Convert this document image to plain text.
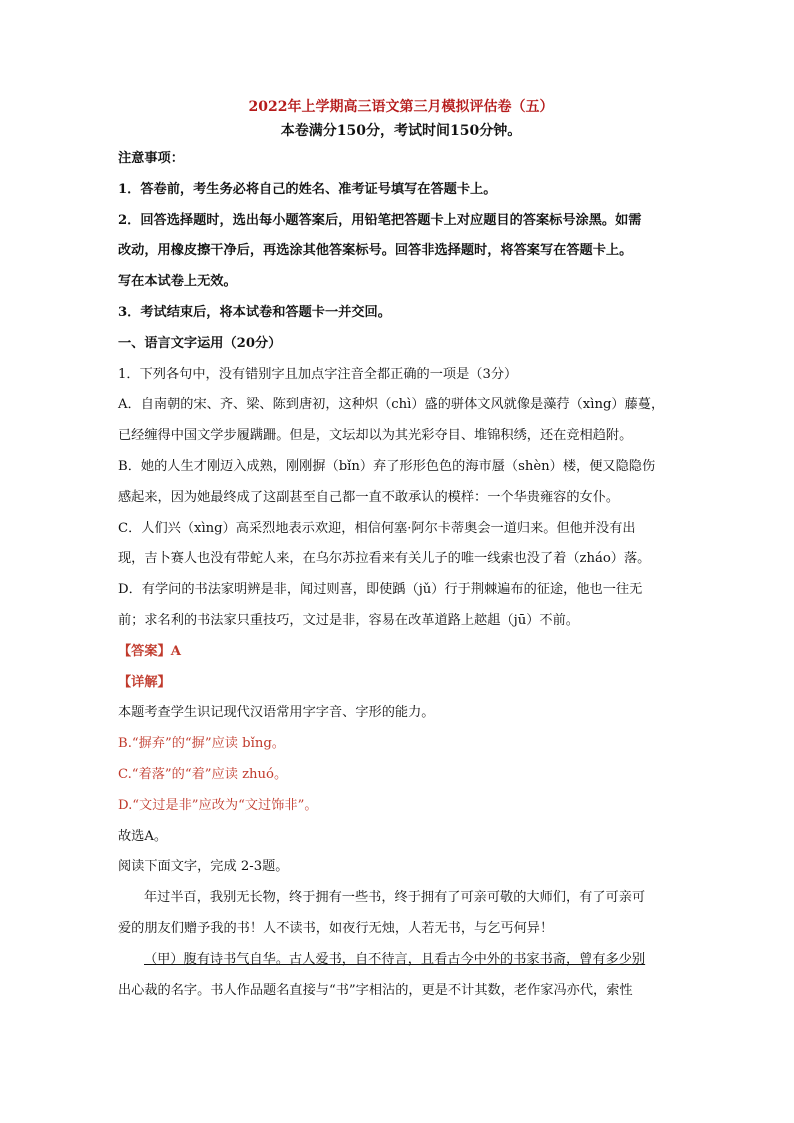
2022年上学期高三语文第三月模拟评估卷（五）
本卷满分150分，考试时间150分钟。

注意事项：

1．答卷前，考生务必将自己的姓名、准考证号填写在答题卡上。

2．回答选择题时，选出每小题答案后，用铅笔把答题卡上对应题目的答案标号涂黑。如需

改动，用橡皮擦干净后，再选涂其他答案标号。回答非选择题时，将答案写在答题卡上。

写在本试卷上无效。

3．考试结束后，将本试卷和答题卡一并交回。

一、语言文字运用（20分）

1．下列各句中，没有错别字且加点字注音全都正确的一项是（3分）

A．自南朝的宋、齐、梁、陈到唐初，这种炽（chì）盛的骈体文风就像是藻荇（xìng）藤蔓，

已经缠得中国文学步履蹒跚。但是，文坛却以为其光彩夺目、堆锦积绣，还在竞相趋附。

B．她的人生才刚迈入成熟，刚刚摒（bǐn）弃了形形色色的海市蜃（shèn）楼，便又隐隐伤

感起来，因为她最终成了这副甚至自己都一直不敢承认的模样：一个华贵雍容的女仆。

C．人们兴（xìng）高采烈地表示欢迎，相信何塞·阿尔卡蒂奥会一道归来。但他并没有出

现，吉卜赛人也没有带蛇人来，在乌尔苏拉看来有关儿子的唯一线索也没了着（zháo）落。

D．有学问的书法家明辨是非，闻过则喜，即使踽（jǔ）行于荆棘遍布的征途，他也一往无

前；求名利的书法家只重技巧，文过是非，容易在改革道路上趑趄（jū）不前。

【答案】A

【详解】

本题考查学生识记现代汉语常用字字音、字形的能力。

B.“摒弃”的“摒”应读 bǐng。

C.“着落”的“着”应读 zhuó。

D.“文过是非”应改为“文过饰非”。

故选A。

阅读下面文字，完成 2-3题。

年过半百，我别无长物，终于拥有一些书，终于拥有了可亲可敬的大师们，有了可亲可

爱的朋友们赠予我的书！人不读书，如夜行无烛，人若无书，与乞丐何异！

（甲）腹有诗书气自华。古人爱书，自不待言，且看古今中外的书家书斋，曾有多少别

出心裁的名字。书人作品题名直接与“书”字相沾的，更是不计其数，老作家冯亦代，索性
